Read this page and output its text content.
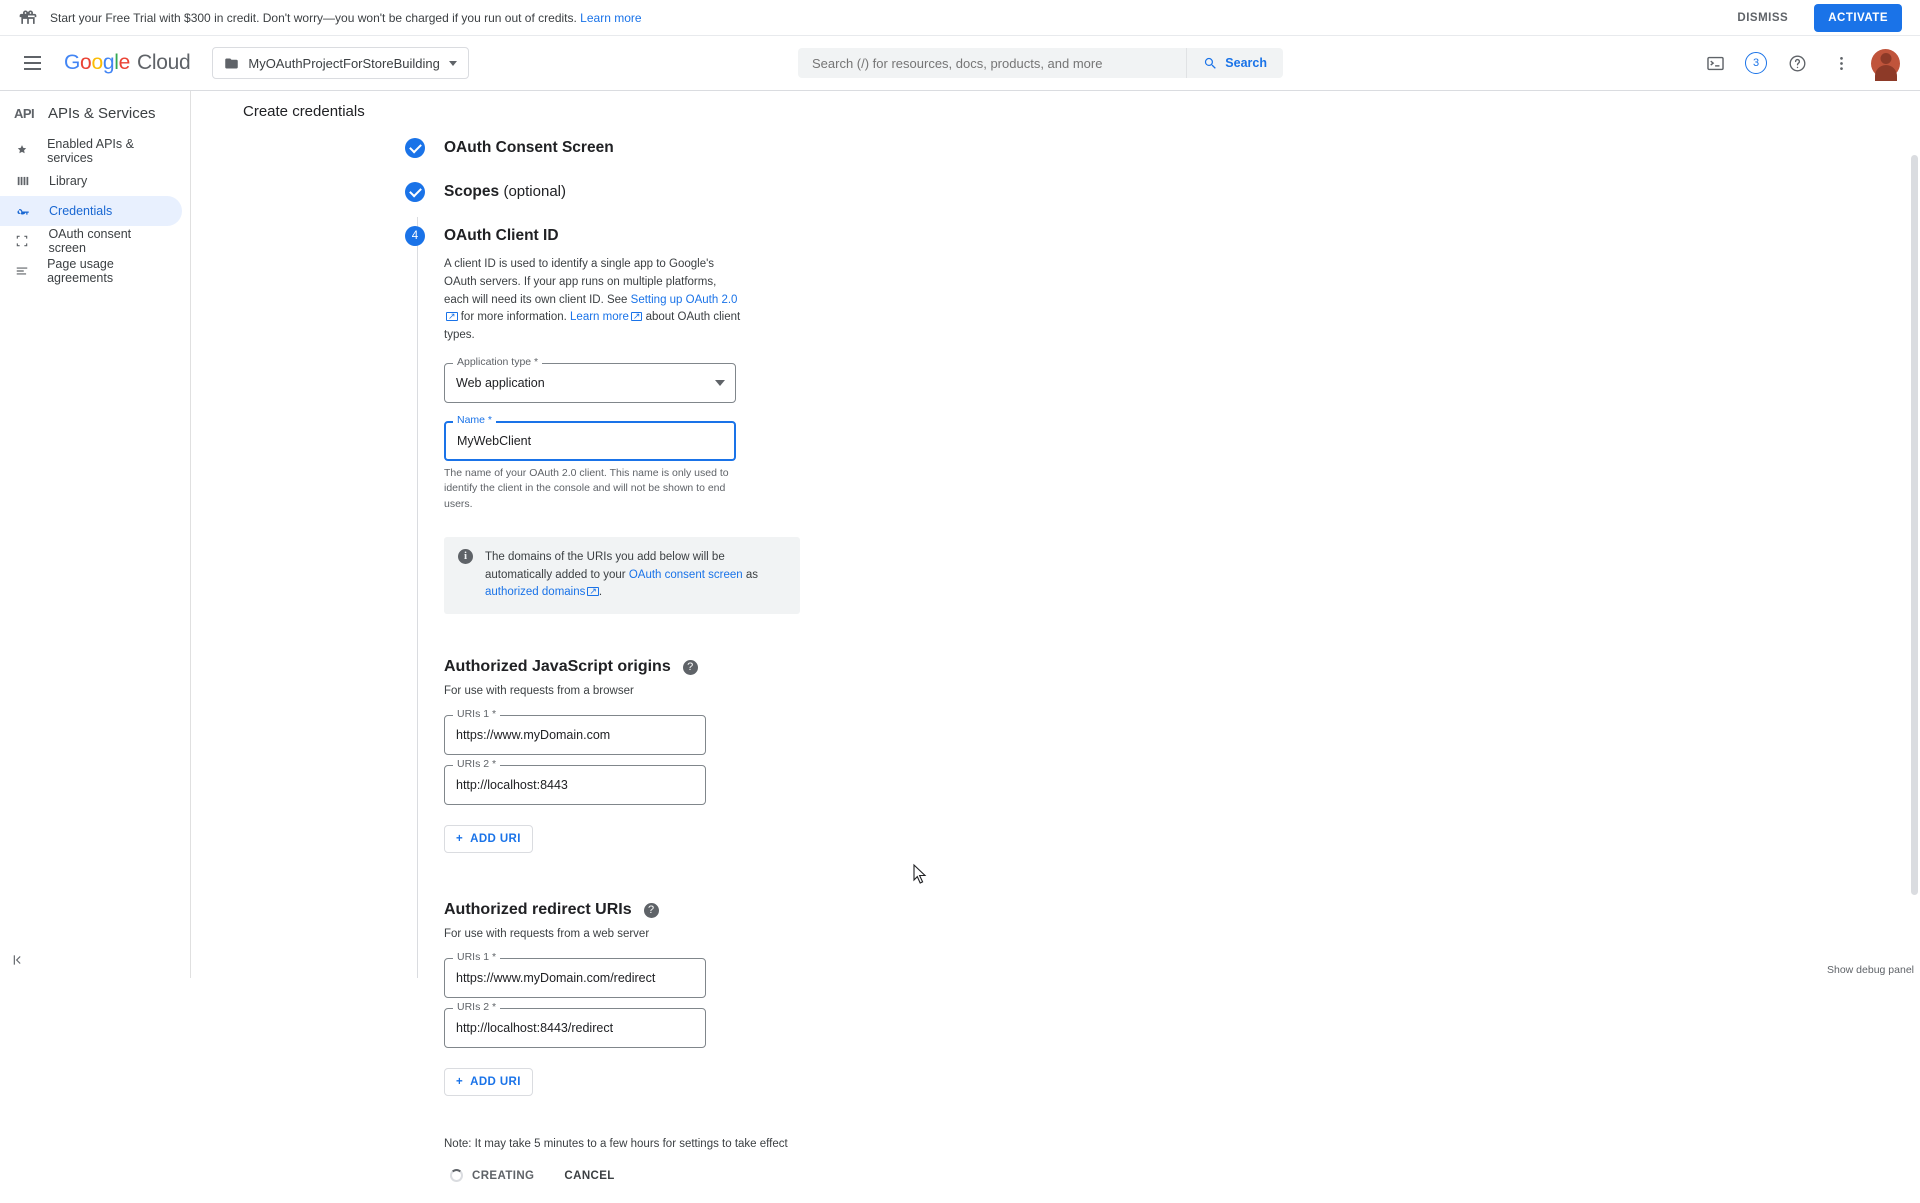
Start your Free Trial with $300 in credit. Don't worry—you won't be charged if you run out of credits. Learn more	DISMISS	ACTIVATE
Google Cloud	MyOAuthProjectForStoreBuilding
Search (/) for resources, docs, products, and more	Search	3
API APIs & Services
Enabled APIs & services
Library
Credentials
OAuth consent screen
Page usage agreements
Create credentials
OAuth Consent Screen
Scopes (optional)
4	OAuth Client ID
A client ID is used to identify a single app to Google's OAuth servers. If your app runs on multiple platforms, each will need its own client ID. See Setting up OAuth 2.0 ↗ for more information. Learn more ↗ about OAuth client types.
Application type *
Web application
Name *
MyWebClient
The name of your OAuth 2.0 client. This name is only used to identify the client in the console and will not be shown to end users.
i	The domains of the URIs you add below will be automatically added to your OAuth consent screen as authorized domains ↗ .
Authorized JavaScript origins	?
For use with requests from a browser
URIs 1 *
https://www.myDomain.com
URIs 2 *
http://localhost:8443
+ ADD URI
Authorized redirect URIs	?
For use with requests from a web server
URIs 1 *
https://www.myDomain.com/redirect
URIs 2 *
http://localhost:8443/redirect
+ ADD URI
Note: It may take 5 minutes to a few hours for settings to take effect
CREATING	CANCEL
Show debug panel
